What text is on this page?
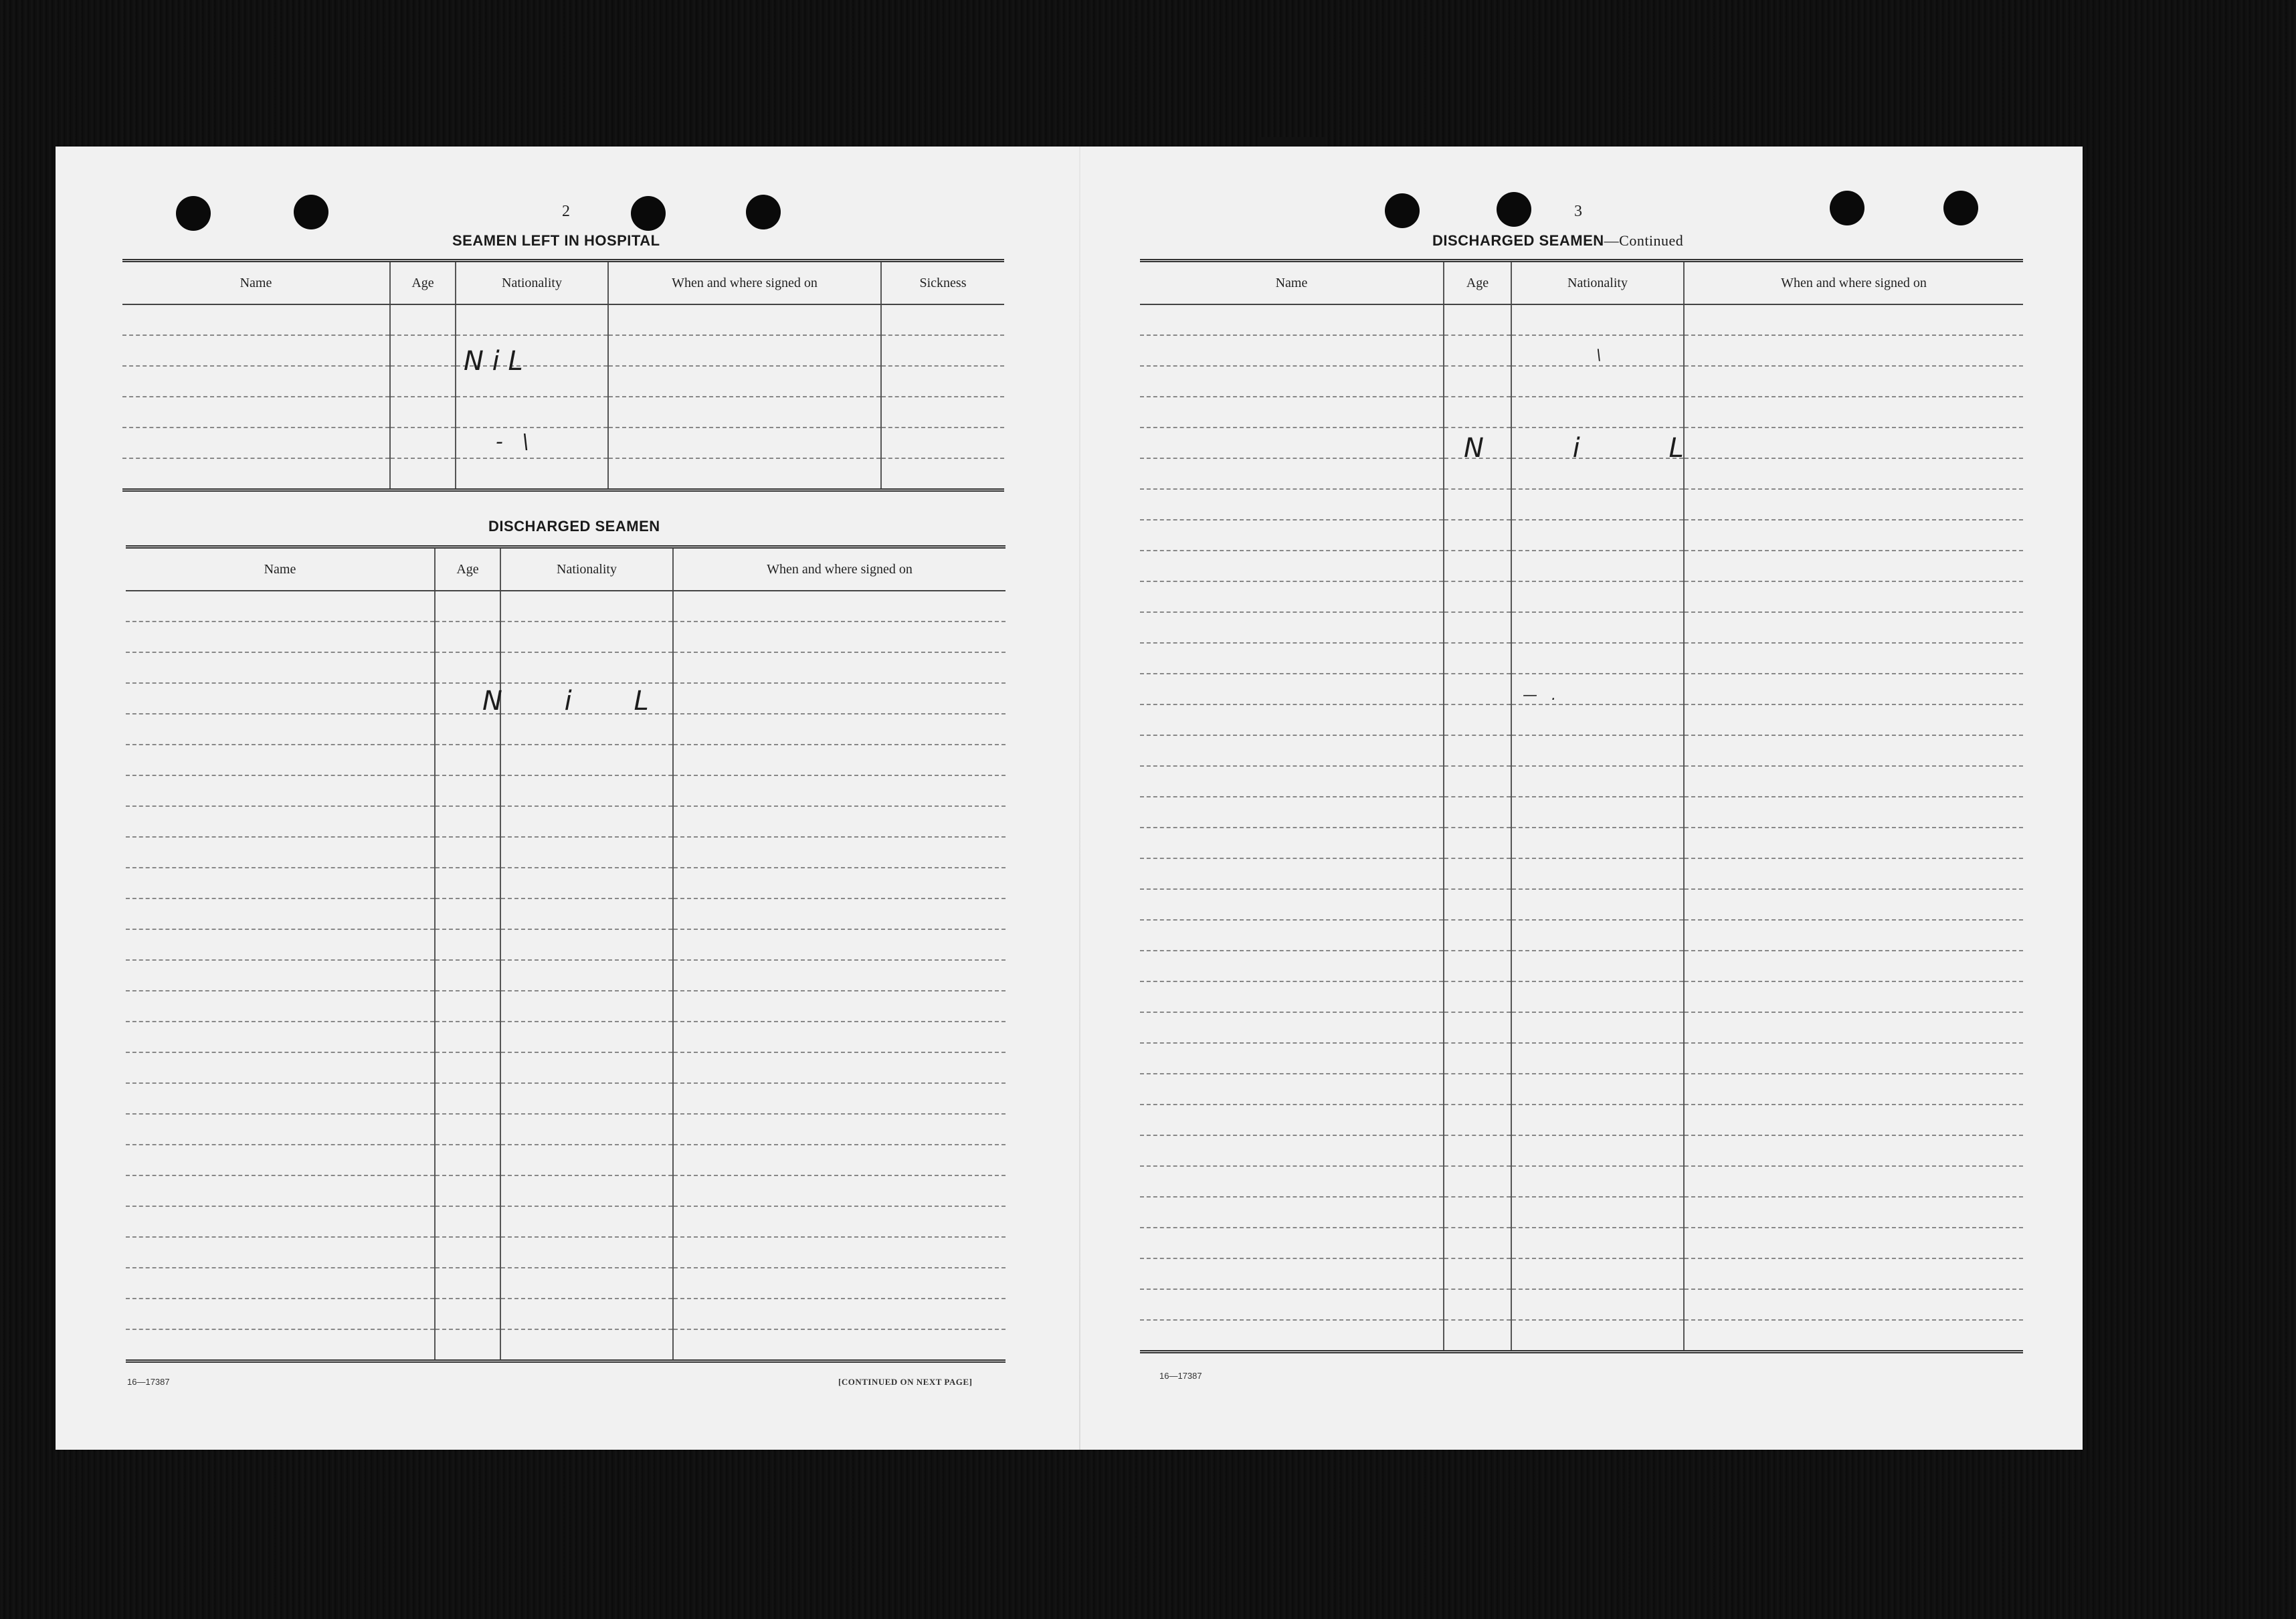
2
SEAMEN LEFT IN HOSPITAL
Name	Age	Nationality	When and where signed on	Sickness

N i L
-   \
DISCHARGED SEAMEN
Name	Age	Nationality	When and where signed on

N i L
16—17387	[CONTINUED ON NEXT PAGE]
3
DISCHARGED SEAMEN—Continued
Name	Age	Nationality	When and where signed on

N i L
\
—   .
16—17387
